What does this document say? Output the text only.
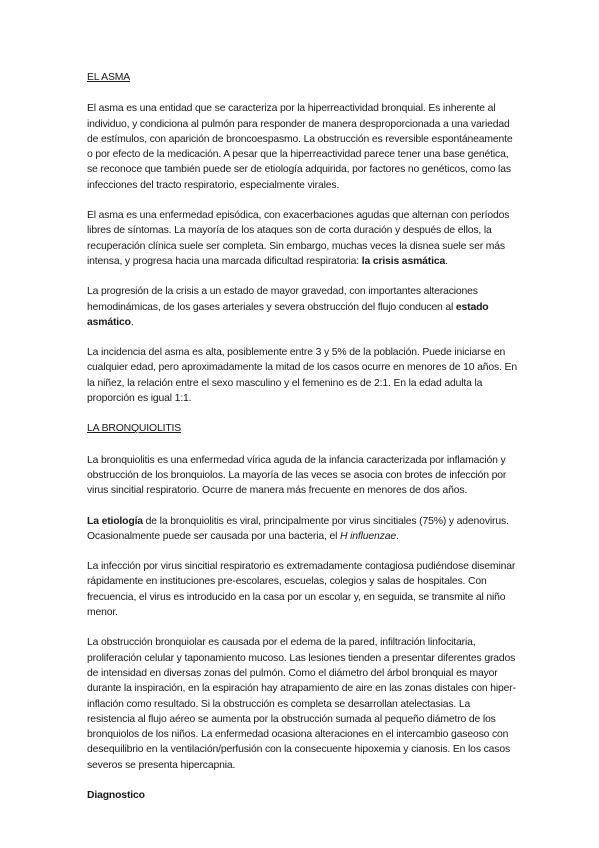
EL ASMA

El asma es una entidad que se caracteriza por la hiperreactividad bronquial. Es inherente al individuo, y condiciona al pulmón para responder de manera desproporcionada a una variedad de estímulos, con aparición de broncoespasmo. La obstrucción es reversible espontáneamente o por efecto de la medicación. A pesar que la hiperreactividad parece tener una base genética, se reconoce que también puede ser de etiología adquirida, por factores no genéticos, como las infecciones del tracto respiratorio, especialmente virales.

El asma es una enfermedad episódica, con exacerbaciones agudas que alternan con períodos libres de síntomas. La mayoría de los ataques son de corta duración y después de ellos, la recuperación clínica suele ser completa. Sin embargo, muchas veces la disnea suele ser más intensa, y progresa hacia una marcada dificultad respiratoria: la crisis asmática.

La progresión de la crisis a un estado de mayor gravedad, con importantes alteraciones hemodinámicas, de los gases arteriales y severa obstrucción del flujo conducen al estado asmático.

La incidencia del asma es alta, posiblemente entre 3 y 5% de la población. Puede iniciarse en cualquier edad, pero aproximadamente la mitad de los casos ocurre en menores de 10 años. En la niñez, la relación entre el sexo masculino y el femenino es de 2:1. En la edad adulta la proporción es igual 1:1.

LA BRONQUIOLITIS

La bronquiolitis es una enfermedad vírica aguda de la infancia caracterizada por inflamación y obstrucción de los bronquiolos. La mayoría de las veces se asocia con brotes de infección por virus sincitial respiratorio. Ocurre de manera más frecuente en menores de dos años.

La etiología de la bronquiolitis es viral, principalmente por virus sincitiales (75%) y adenovirus. Ocasionalmente puede ser causada por una bacteria, el H influenzae.

La infección por virus sincitial respiratorio es extremadamente contagiosa pudiéndose diseminar rápidamente en instituciones pre-escolares, escuelas, colegios y salas de hospitales. Con frecuencia, el virus es introducido en la casa por un escolar y, en seguida, se transmite al niño menor.

La obstrucción bronquiolar es causada por el edema de la pared, infiltración linfocitaria, proliferación celular y taponamiento mucoso. Las lesiones tienden a presentar diferentes grados de intensidad en diversas zonas del pulmón. Como el diámetro del árbol bronquial es mayor durante la inspiración, en la espiración hay atrapamiento de aire en las zonas distales con hiper-inflación como resultado. Si la obstrucción es completa se desarrollan atelectasias. La resistencia al flujo aéreo se aumenta por la obstrucción sumada al pequeño diámetro de los bronquiolos de los niños. La enfermedad ocasiona alteraciones en el intercambio gaseoso con desequilibrio en la ventilación/perfusión con la consecuente hipoxemia y cianosis. En los casos severos se presenta hipercapnia.

Diagnostico
